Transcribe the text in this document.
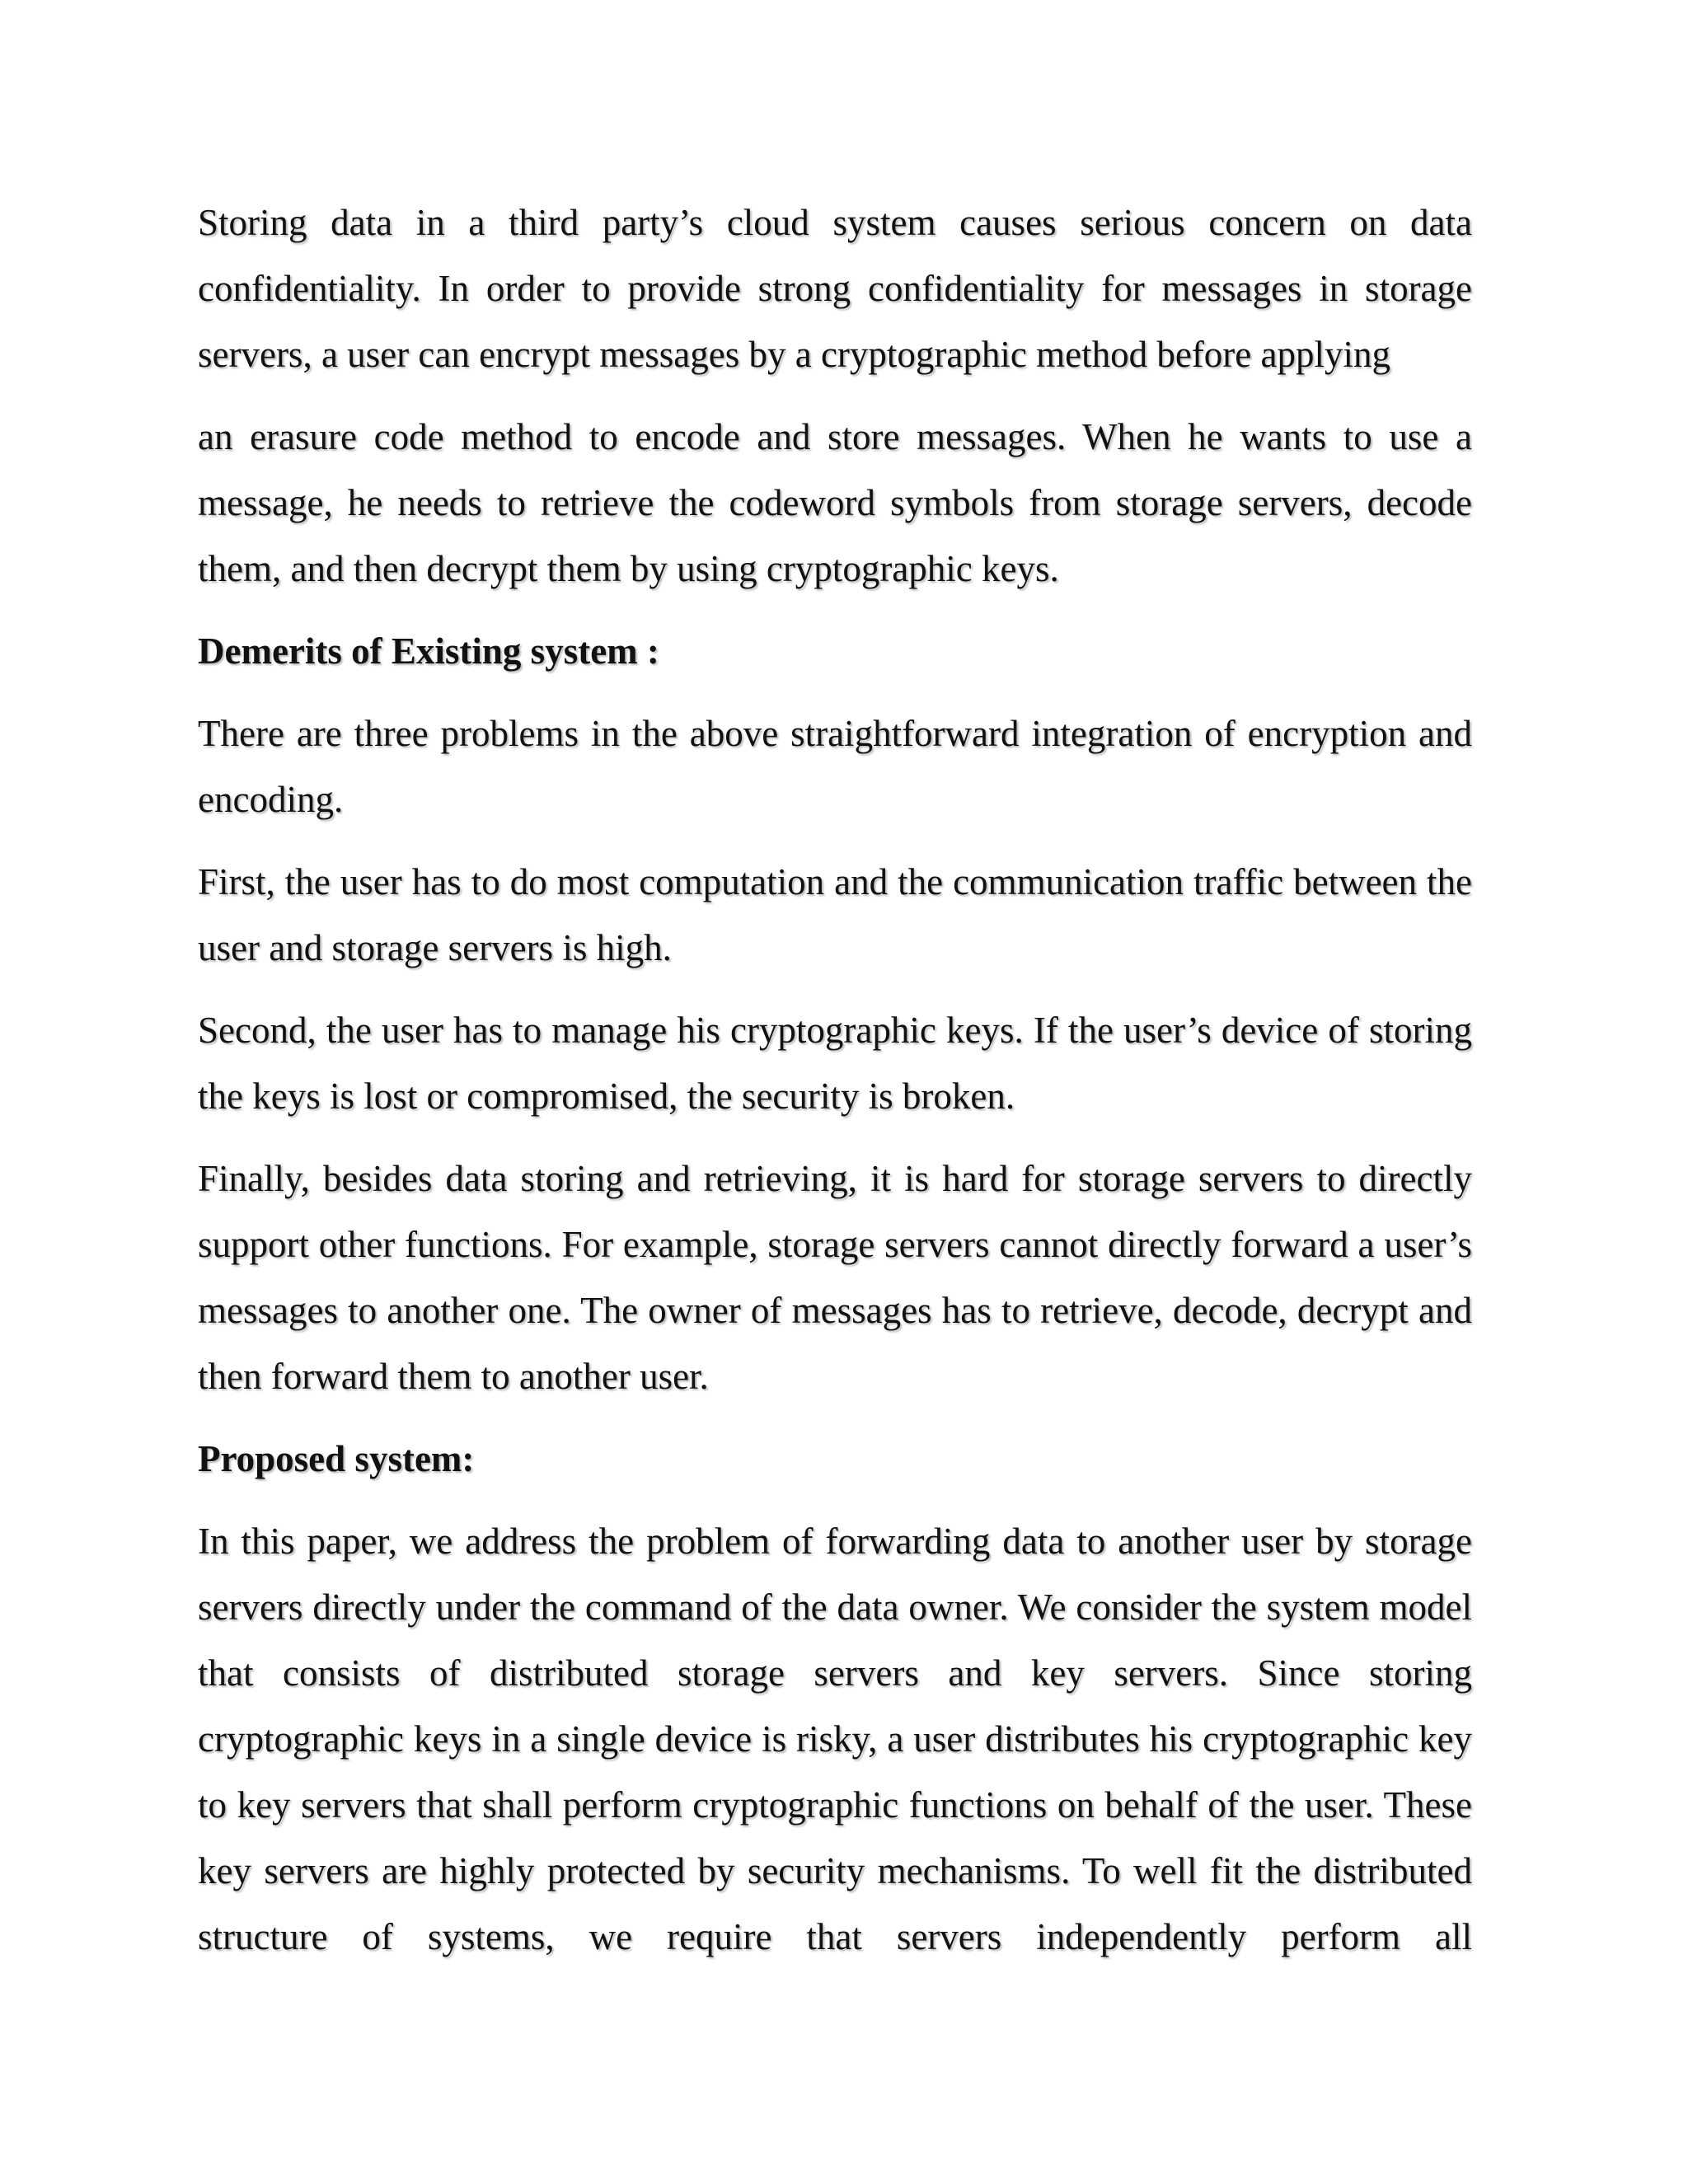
Storing data in a third party’s cloud system causes serious concern on data confidentiality. In order to provide strong confidentiality for messages in storage servers, a user can encrypt messages by a cryptographic method before applying

an erasure code method to encode and store messages. When he wants to use a message, he needs to retrieve the codeword symbols from storage servers, decode them, and then decrypt them by using cryptographic keys.

Demerits of Existing system :

There are three problems in the above straightforward integration of encryption and encoding.

First, the user has to do most computation and the communication traffic between the user and storage servers is high.

Second, the user has to manage his cryptographic keys. If the user’s device of storing the keys is lost or compromised, the security is broken.

Finally, besides data storing and retrieving, it is hard for storage servers to directly support other functions. For example, storage servers cannot directly forward a user’s messages to another one. The owner of messages has to retrieve, decode, decrypt and then forward them to another user.

Proposed system:

In this paper, we address the problem of forwarding data to another user by storage servers directly under the command of the data owner. We consider the system model that consists of distributed storage servers and key servers. Since storing cryptographic keys in a single device is risky, a user distributes his cryptographic key to key servers that shall perform cryptographic functions on behalf of the user. These key servers are highly protected by security mechanisms. To well fit the distributed structure of systems, we require that servers independently perform all
